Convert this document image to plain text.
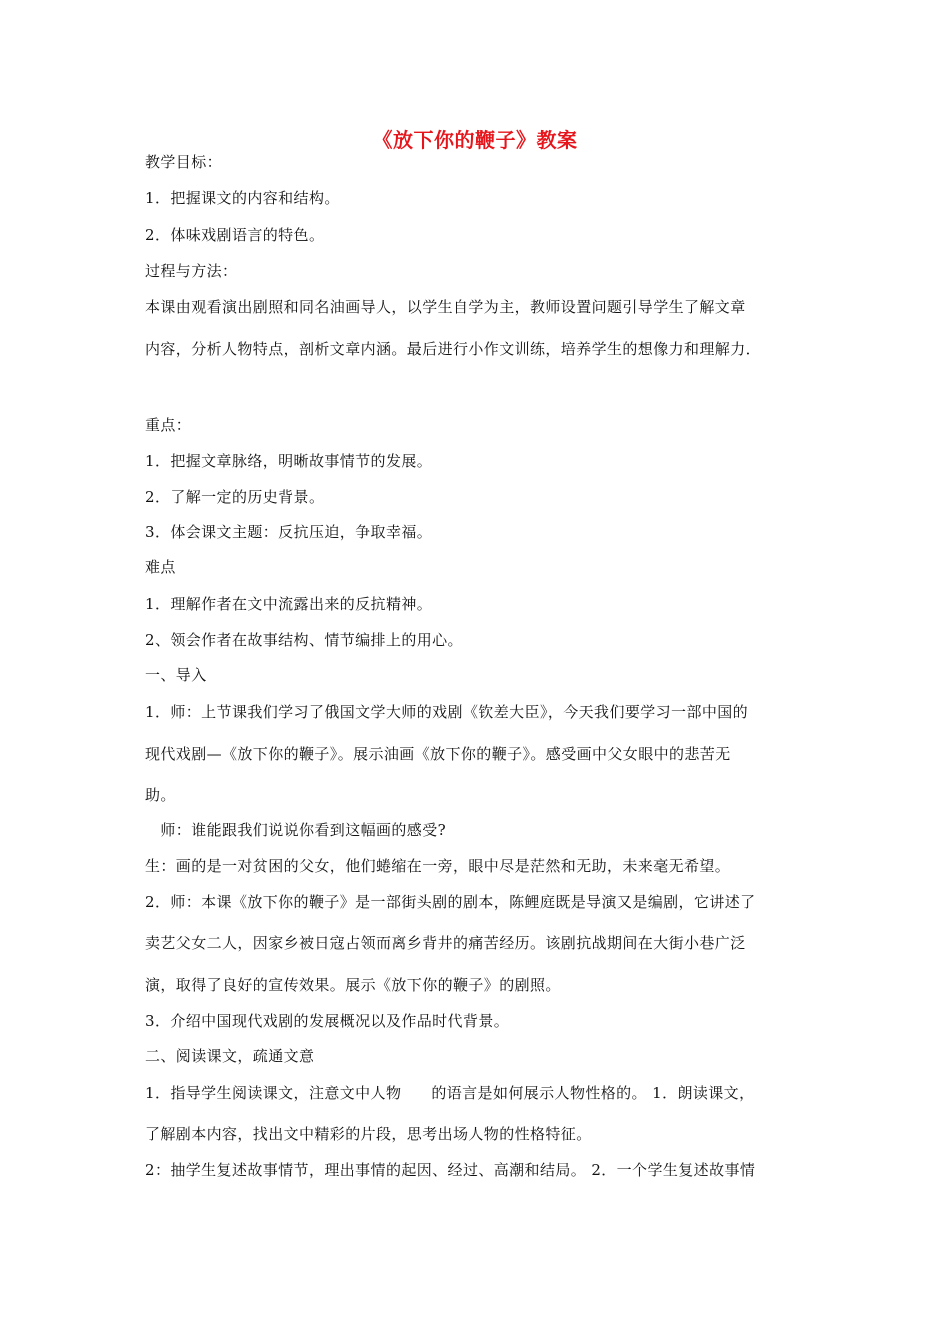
《放下你的鞭子》教案
教学目标：
1．把握课文的内容和结构。
2．体味戏剧语言的特色。
过程与方法：
本课由观看演出剧照和同名油画导人，以学生自学为主，教师设置问题引导学生了解文章
内容，分析人物特点，剖析文章内涵。最后进行小作文训练，培养学生的想像力和理解力．
重点：
1．把握文章脉络，明晰故事情节的发展。
2．了解一定的历史背景。
3．体会课文主题：反抗压迫，争取幸福。
难点
1．理解作者在文中流露出来的反抗精神。
2、领会作者在故事结构、情节编排上的用心。
一、导入
1．师：上节课我们学习了俄国文学大师的戏剧《钦差大臣》，今天我们要学习一部中国的
现代戏剧—《放下你的鞭子》。展示油画《放下你的鞭子》。感受画中父女眼中的悲苦无
助。
　师：谁能跟我们说说你看到这幅画的感受?
生：画的是一对贫困的父女，他们蜷缩在一旁，眼中尽是茫然和无助，未来毫无希望。
2．师：本课《放下你的鞭子》是一部街头剧的剧本，陈鲤庭既是导演又是编剧，它讲述了
卖艺父女二人，因家乡被日寇占领而离乡背井的痛苦经历。该剧抗战期间在大街小巷广泛
演，取得了良好的宣传效果。展示《放下你的鞭子》的剧照。
3．介绍中国现代戏剧的发展概况以及作品时代背景。
二、阅读课文，疏通文意
1．指导学生阅读课文，注意文中人物 的语言是如何展示人物性格的。 1．朗读课文，
了解剧本内容，找出文中精彩的片段，思考出场人物的性格特征。
2：抽学生复述故事情节，理出事情的起因、经过、高潮和结局。 2．一个学生复述故事情
